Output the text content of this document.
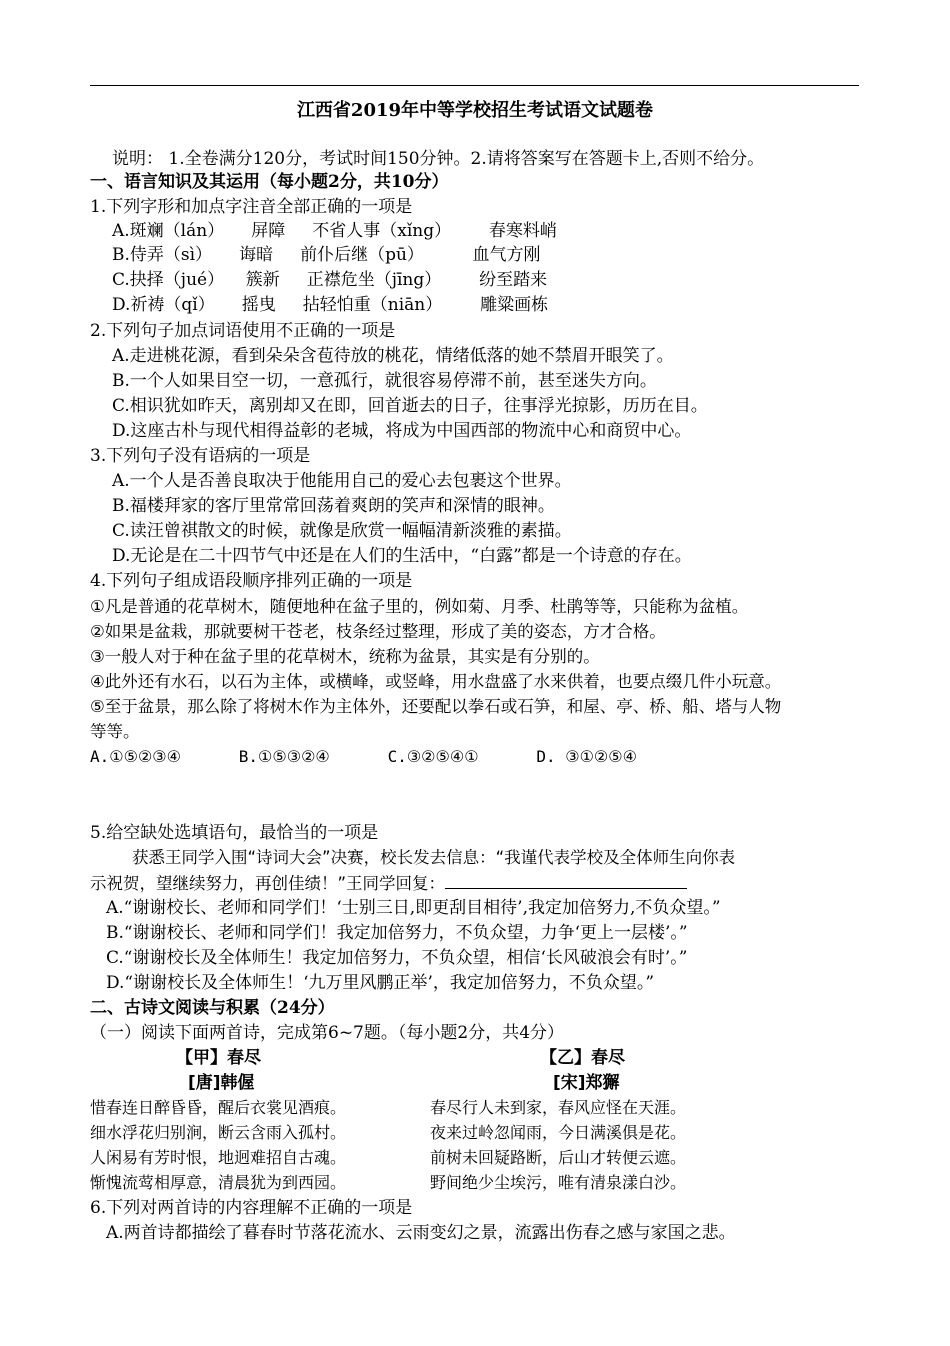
江西省2019年中等学校招生考试语文试题卷
说明： 1.全卷满分120分，考试时间150分钟。2.请将答案写在答题卡上,否则不给分。
一、语言知识及其运用（每小题2分，共10分）
1.下列字形和加点字注音全部正确的一项是
A.斑斓（lán）     屏障     不省人事（xǐng）       春寒料峭
B.侍弄（sì）     诲暗     前仆后继（pū）         血气方刚
C.抉择（jué）    簇新     正襟危坐（jīng）       纷至踏来
D.祈祷（qǐ）     摇曳     拈轻怕重（niān）       雕粱画栋
2.下列句子加点词语使用不正确的一项是
A.走进桃花源，看到朵朵含苞待放的桃花，情绪低落的她不禁眉开眼笑了。
B.一个人如果目空一切，一意孤行，就很容易停滞不前，甚至迷失方向。
C.相识犹如昨天，离别却又在即，回首逝去的日子，往事浮光掠影，历历在目。
D.这座古朴与现代相得益彰的老城，将成为中国西部的物流中心和商贸中心。
3.下列句子没有语病的一项是
A.一个人是否善良取决于他能用自己的爱心去包裹这个世界。
B.福楼拜家的客厅里常常回荡着爽朗的笑声和深情的眼神。
C.读汪曾祺散文的时候，就像是欣赏一幅幅清新淡雅的素描。
D.无论是在二十四节气中还是在人们的生活中，“白露”都是一个诗意的存在。
4.下列句子组成语段顺序排列正确的一项是
①凡是普通的花草树木，随便地种在盆子里的，例如菊、月季、杜鹃等等，只能称为盆植。
②如果是盆栽，那就要树干苍老，枝条经过整理，形成了美的姿态，方才合格。
③一般人对于种在盆子里的花草树木，统称为盆景，其实是有分别的。
④此外还有水石，以石为主体，或横峰，或竖峰，用水盘盛了水来供着，也要点缀几件小玩意。
⑤至于盆景，那么除了将树木作为主体外，还要配以拳石或石笋，和屋、亭、桥、船、塔与人物
等等。
A.①⑤②③④      B.①⑤③②④      C.③②⑤④①      D. ③①②⑤④
5.给空缺处选填语句，最恰当的一项是
获悉王同学入围“诗词大会”决赛，校长发去信息：“我谨代表学校及全体师生向你表
示祝贺，望继续努力，再创佳绩！”王同学回复：
A.“谢谢校长、老师和同学们！‘士别三日,即更刮目相待’,我定加倍努力,不负众望。”
B.“谢谢校长、老师和同学们！我定加倍努力，不负众望，力争‘更上一层楼’。”
C.“谢谢校长及全体师生！我定加倍努力，不负众望，相信‘长风破浪会有时’。”
D.“谢谢校长及全体师生！‘九万里风鹏正举’，我定加倍努力，不负众望。”
二、古诗文阅读与积累（24分）
（一）阅读下面两首诗，完成第6~7题。（每小题2分，共4分）
【甲】春尽
[唐]韩偓
【乙】春尽
[宋]郑獬
惜春连日醉昏昏，醒后衣裳见酒痕。
细水浮花归别涧，断云含雨入孤村。
人闲易有芳时恨，地迥难招自古魂。
惭愧流莺相厚意，清晨犹为到西园。
春尽行人未到家，春风应怪在天涯。
夜来过岭忽闻雨，今日满溪俱是花。
前树未回疑路断，后山才转便云遮。
野间绝少尘埃污，唯有清泉漾白沙。
6.下列对两首诗的内容理解不正确的一项是
A.两首诗都描绘了暮春时节落花流水、云雨变幻之景，流露出伤春之感与家国之悲。
